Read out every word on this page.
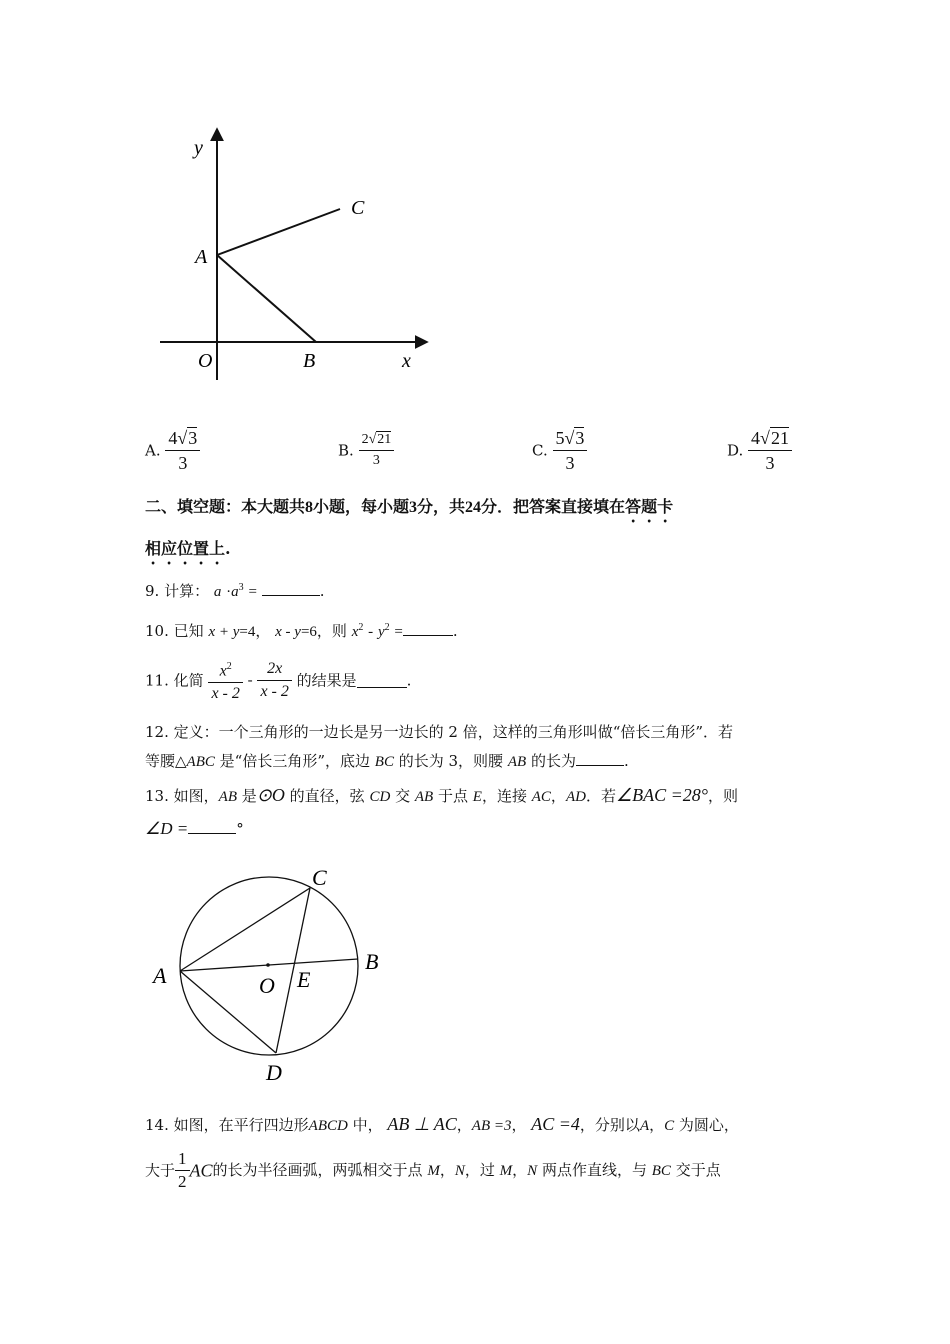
y
x
A
C
O	B
A. $\frac{4√3}{3}$	B. $\frac{2√21}{3}$	C. $\frac{5√3}{3}$	D. $\frac{4√21}{3}$
二、填空题：本大题共8小题，每小题3分，共24分．把答案直接填在答题卡
相应位置上.
9. 计算： $a \cdot a^3$ =	.
10. 已知 x + y=4， x - y=6，则 $x^2 - y^2$ =	.
11. 化简 $\frac{x^2}{x - 2} - \frac{2x}{x - 2}$ 的结果是	.
12. 定义：一个三角形的一边长是另一边长的 2 倍，这样的三角形叫做“倍长三角形”．若
等腰△ABC 是“倍长三角形”，底边 BC 的长为 3，则腰 AB 的长为	.
13. 如图，AB 是⊙O 的直径，弦 CD 交 AB 于点 E，连接 AC，AD．若∠BAC =28°，则
∠D =	°
C
B
A	O E
D
14. 如图，在平行四边形ABCD 中， AB ⊥ AC，AB =3， AC =4，分别以A，C 为圆心，
大于 $\frac{1}{2}$ AC的长为半径画弧，两弧相交于点 M，N，过 M，N 两点作直线，与 BC 交于点
